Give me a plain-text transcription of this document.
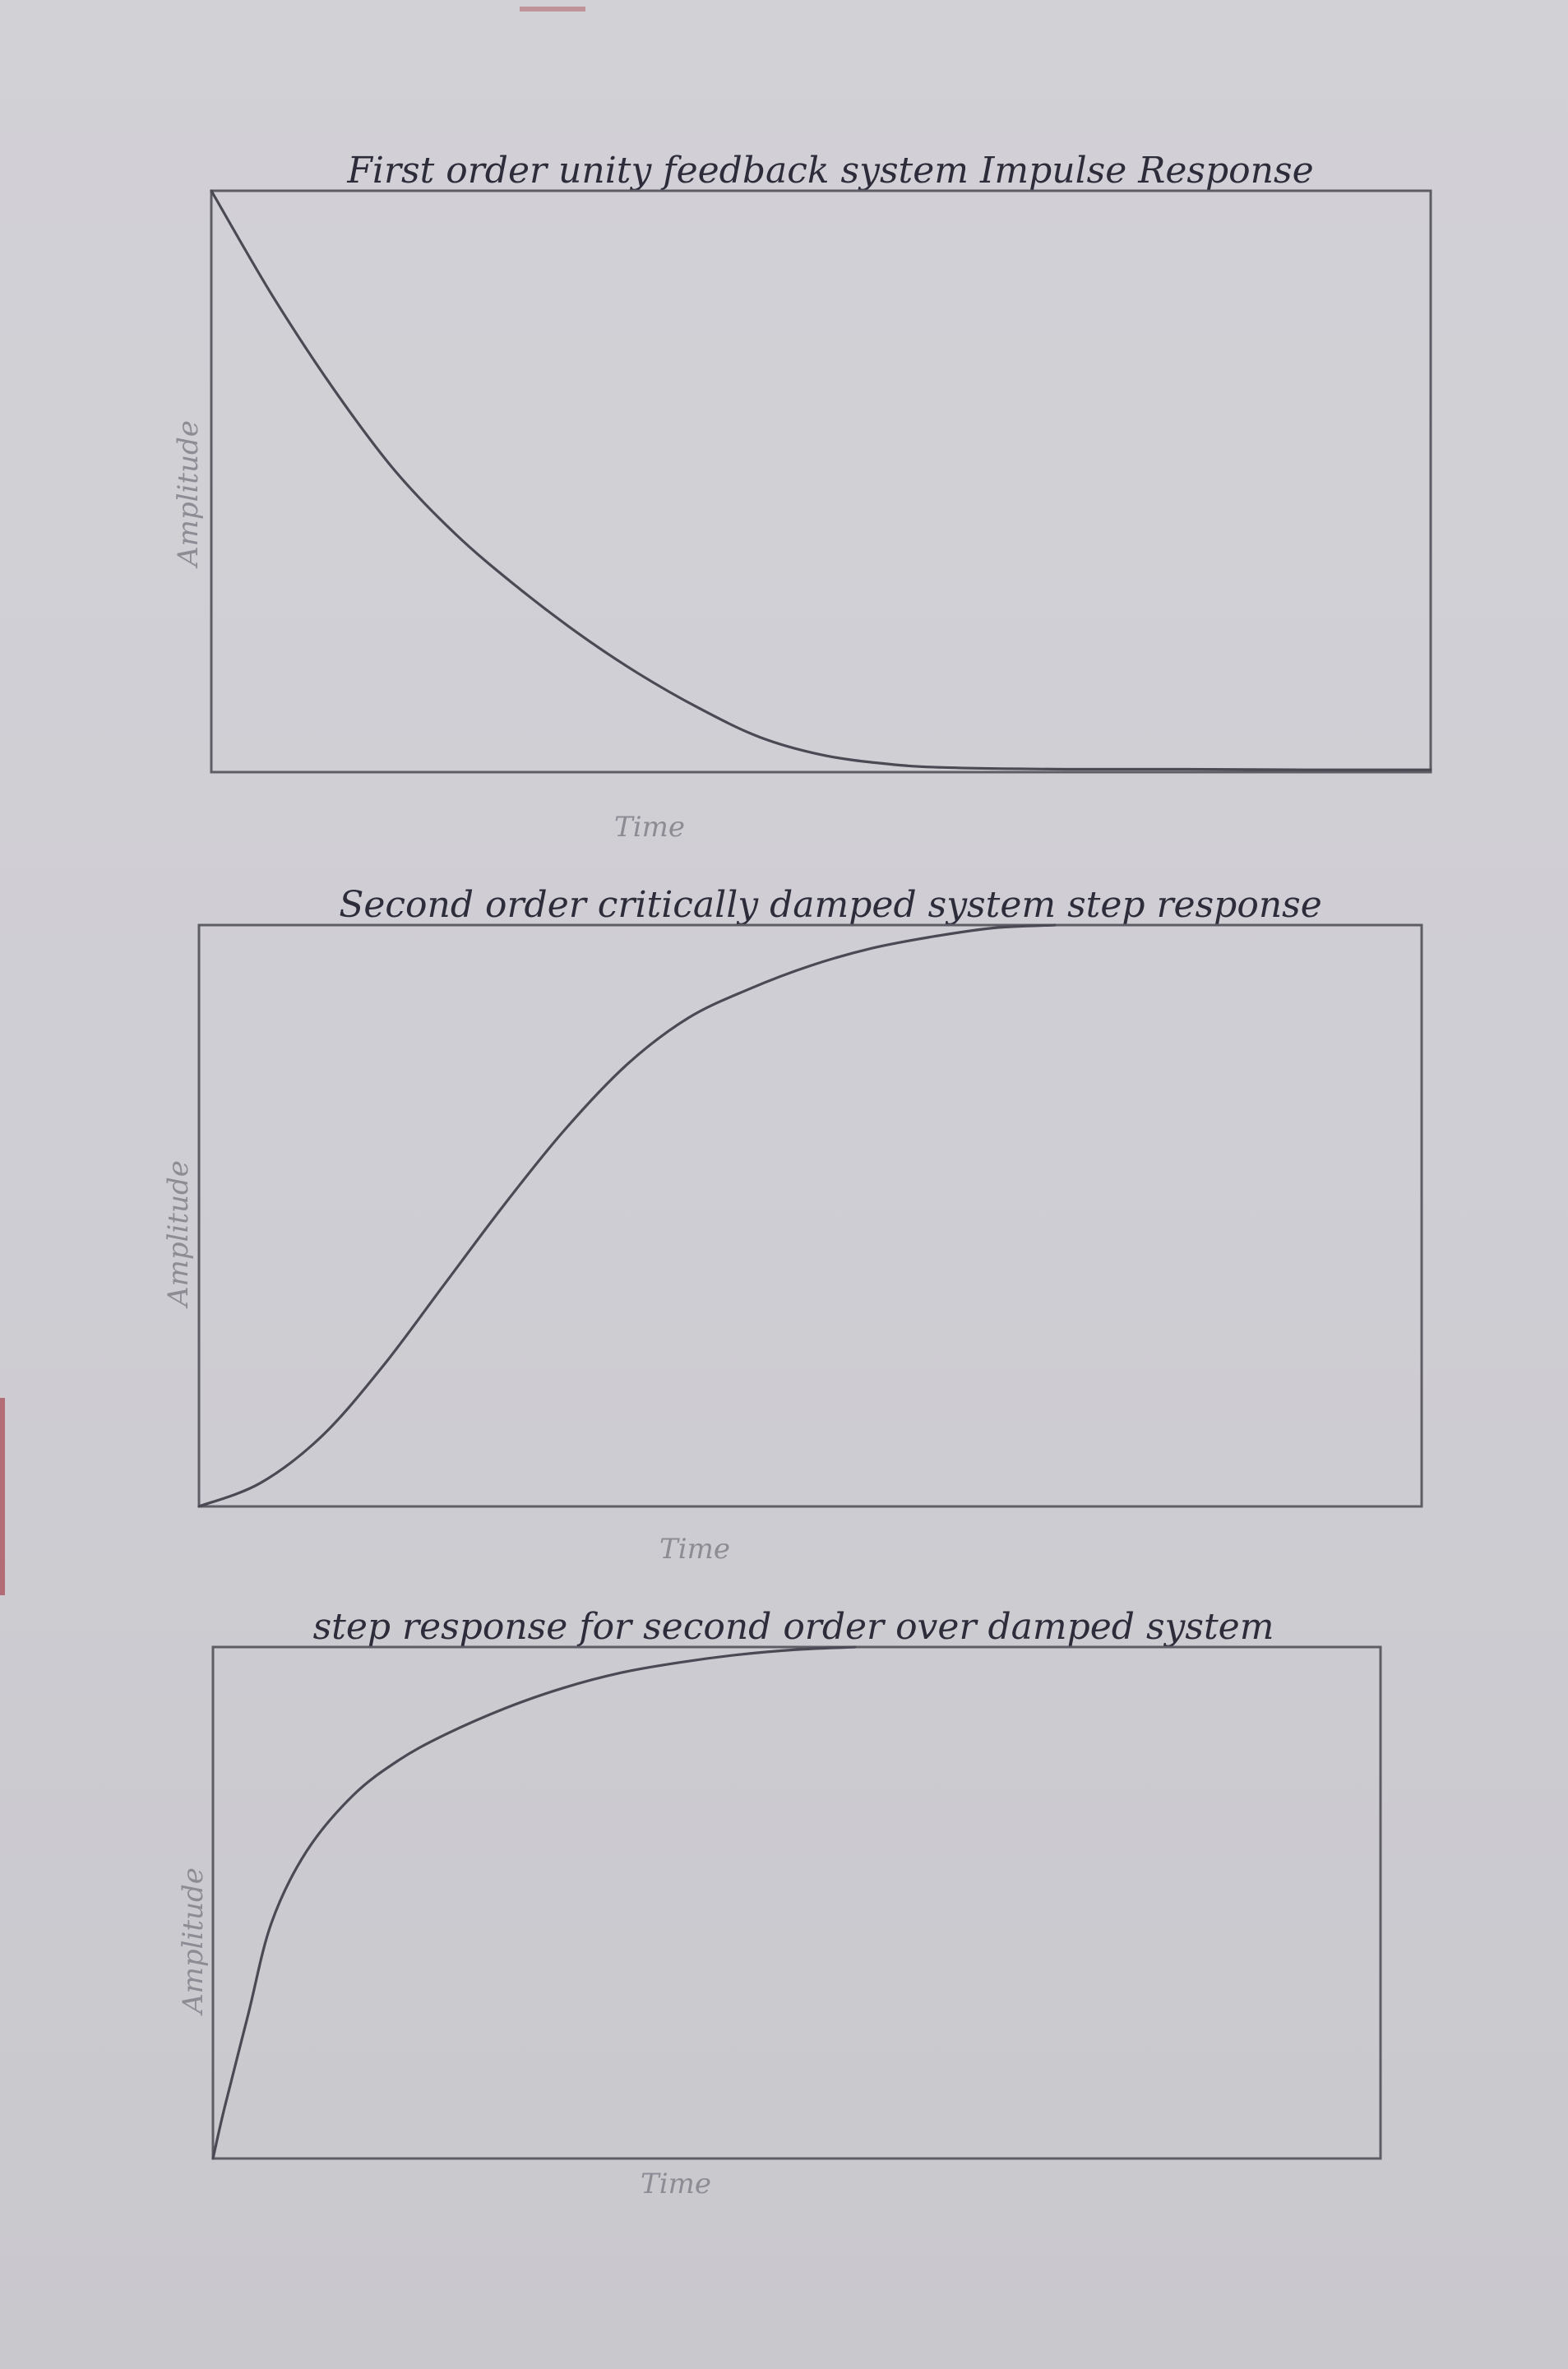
First order unity feedback system Impulse Response
Amplitude
Time
Second order critically damped system step response
Amplitude
Time
step response for second order over damped system
Amplitude
Time
